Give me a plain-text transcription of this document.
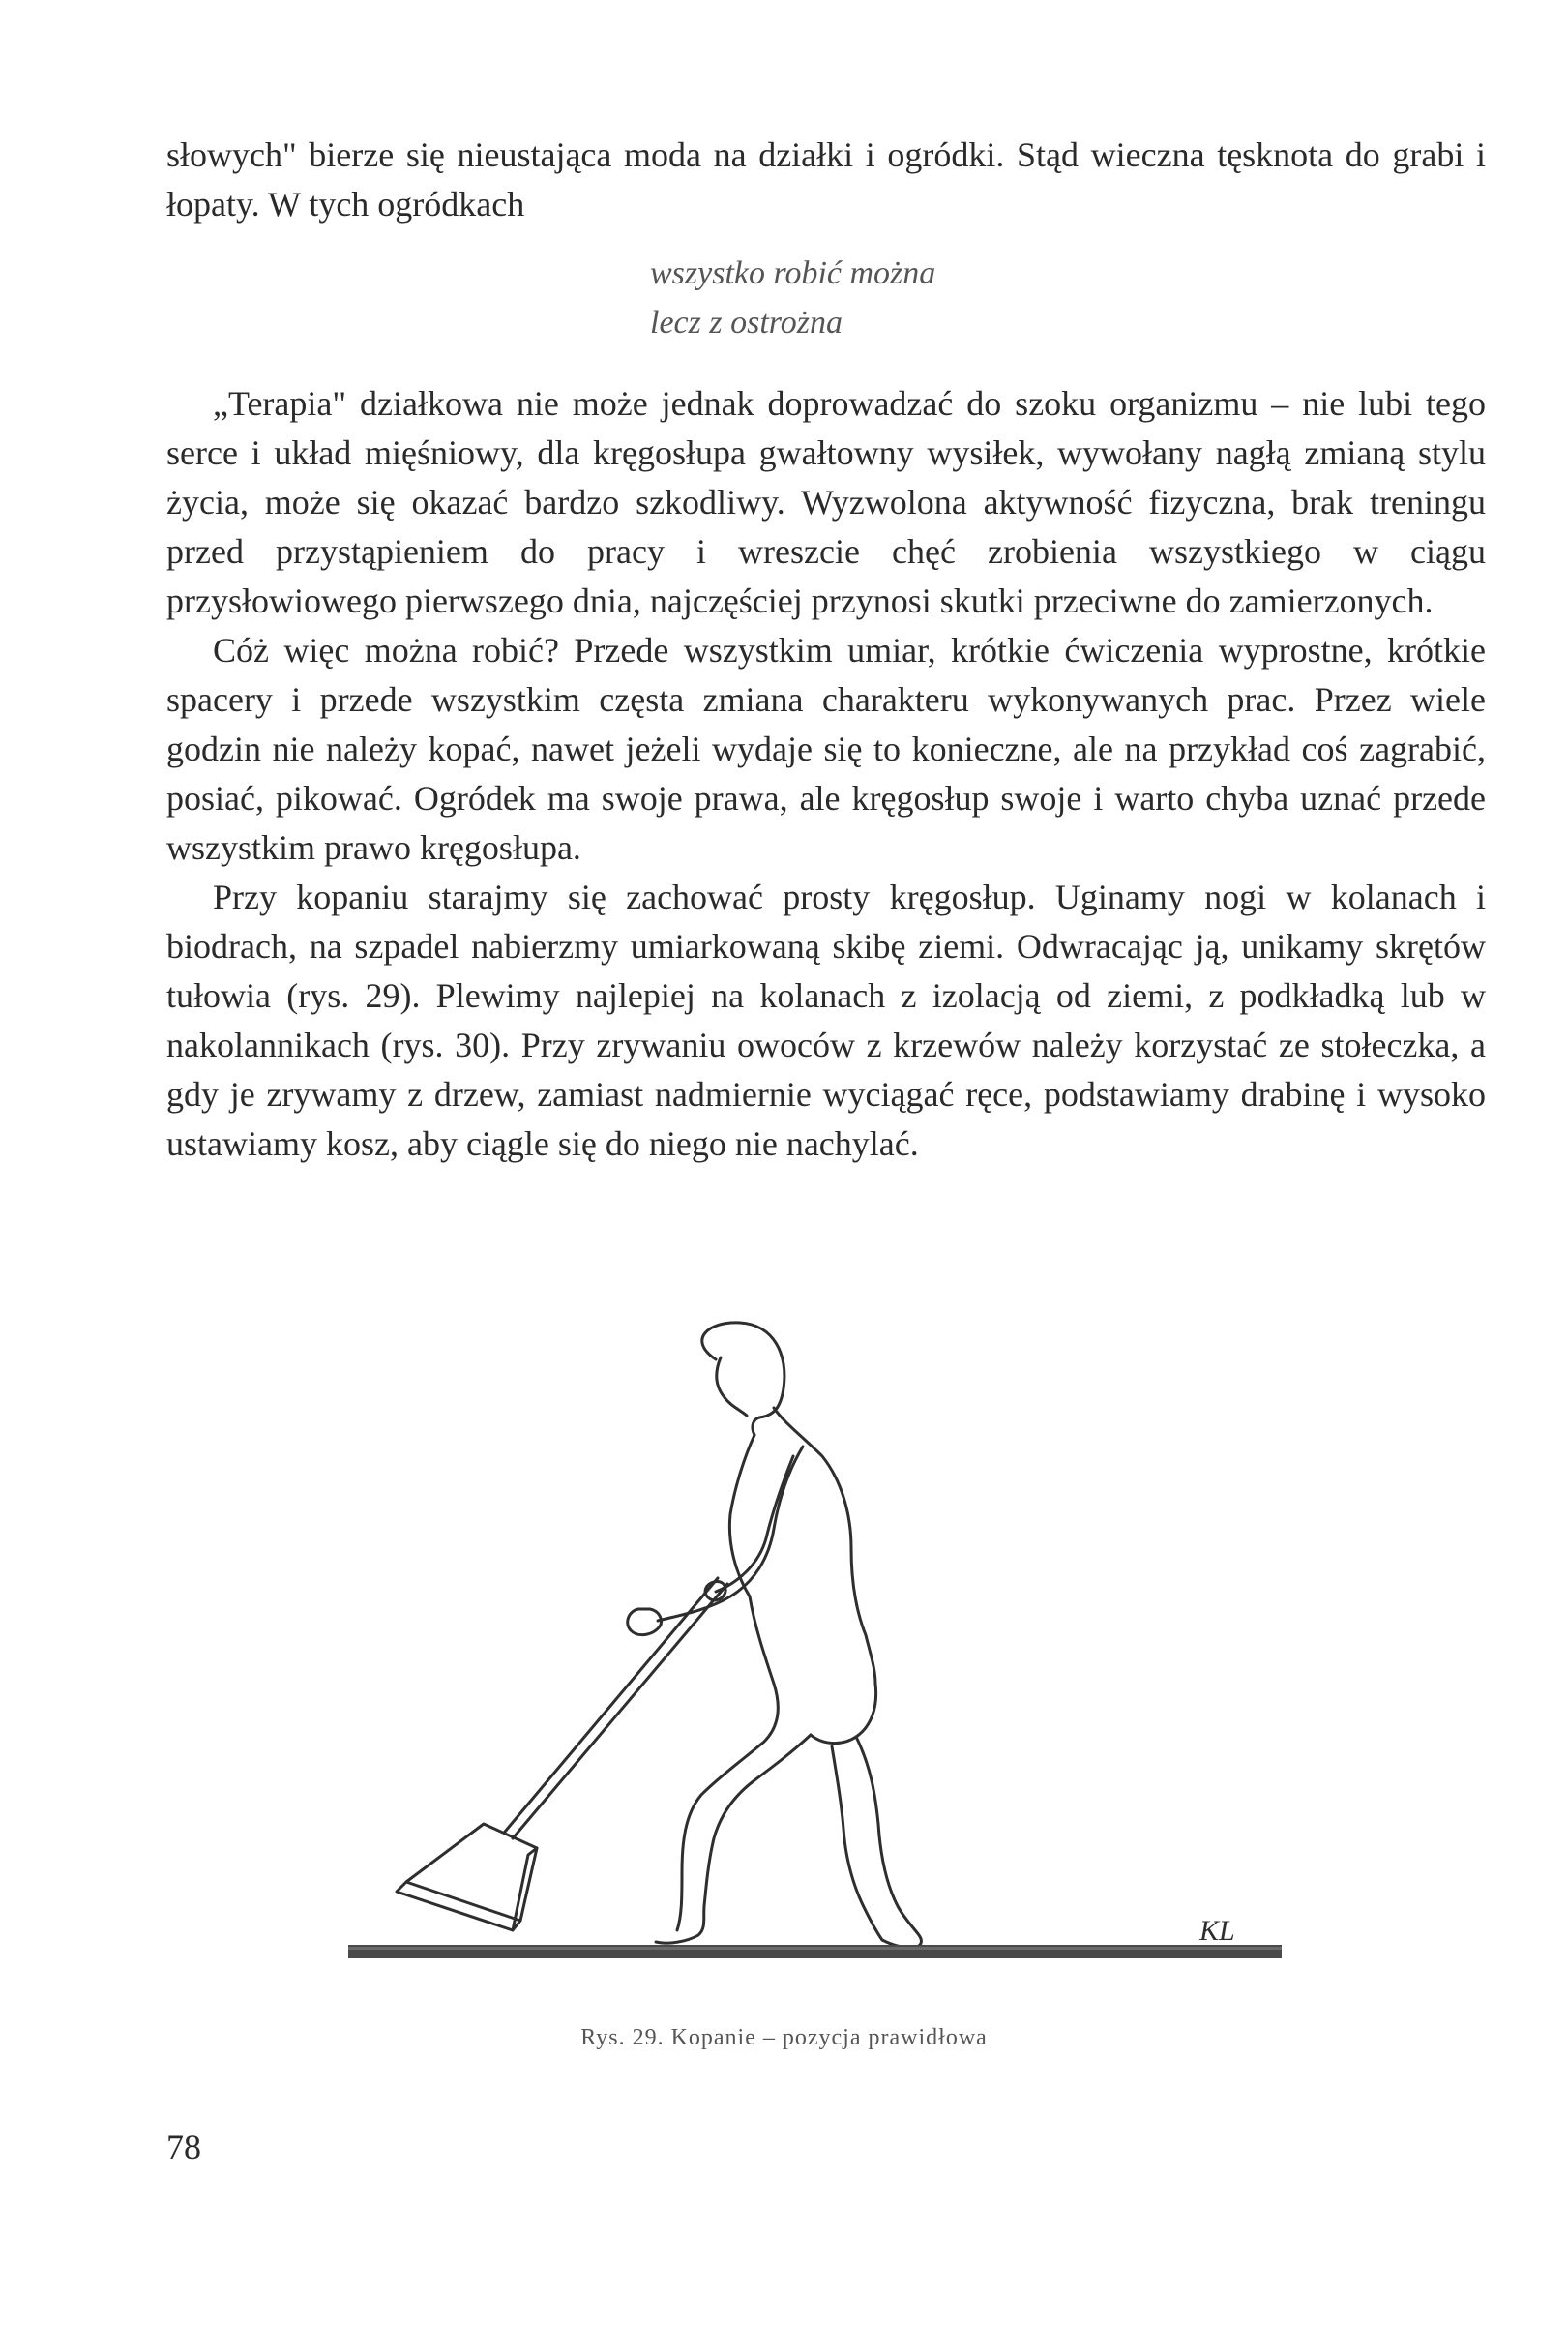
słowych" bierze się nieustająca moda na działki i ogródki. Stąd wieczna tęsknota do grabi i łopaty. W tych ogródkach

wszystko robić można
lecz z ostrożna

„Terapia" działkowa nie może jednak doprowadzać do szoku organizmu – nie lubi tego serce i układ mięśniowy, dla kręgosłupa gwałtowny wysiłek, wywołany nagłą zmianą stylu życia, może się okazać bardzo szkodliwy. Wyzwolona aktywność fizyczna, brak treningu przed przystąpieniem do pracy i wreszcie chęć zrobienia wszystkiego w ciągu przysłowiowego pierwszego dnia, najczęściej przynosi skutki przeciwne do zamierzonych.

Cóż więc można robić? Przede wszystkim umiar, krótkie ćwiczenia wyprostne, krótkie spacery i przede wszystkim częsta zmiana charakteru wykonywanych prac. Przez wiele godzin nie należy kopać, nawet jeżeli wydaje się to konieczne, ale na przykład coś zagrabić, posiać, pikować. Ogródek ma swoje prawa, ale kręgosłup swoje i warto chyba uznać przede wszystkim prawo kręgosłupa.

Przy kopaniu starajmy się zachować prosty kręgosłup. Uginamy nogi w kolanach i biodrach, na szpadel nabierzmy umiarkowaną skibę ziemi. Odwracając ją, unikamy skrętów tułowia (rys. 29). Plewimy najlepiej na kolanach z izolacją od ziemi, z podkładką lub w nakolannikach (rys. 30). Przy zrywaniu owoców z krzewów należy korzystać ze stołeczka, a gdy je zrywamy z drzew, zamiast nadmiernie wyciągać ręce, podstawiamy drabinę i wysoko ustawiamy kosz, aby ciągle się do niego nie nachylać.

KL
Rys. 29. Kopanie – pozycja prawidłowa
78
